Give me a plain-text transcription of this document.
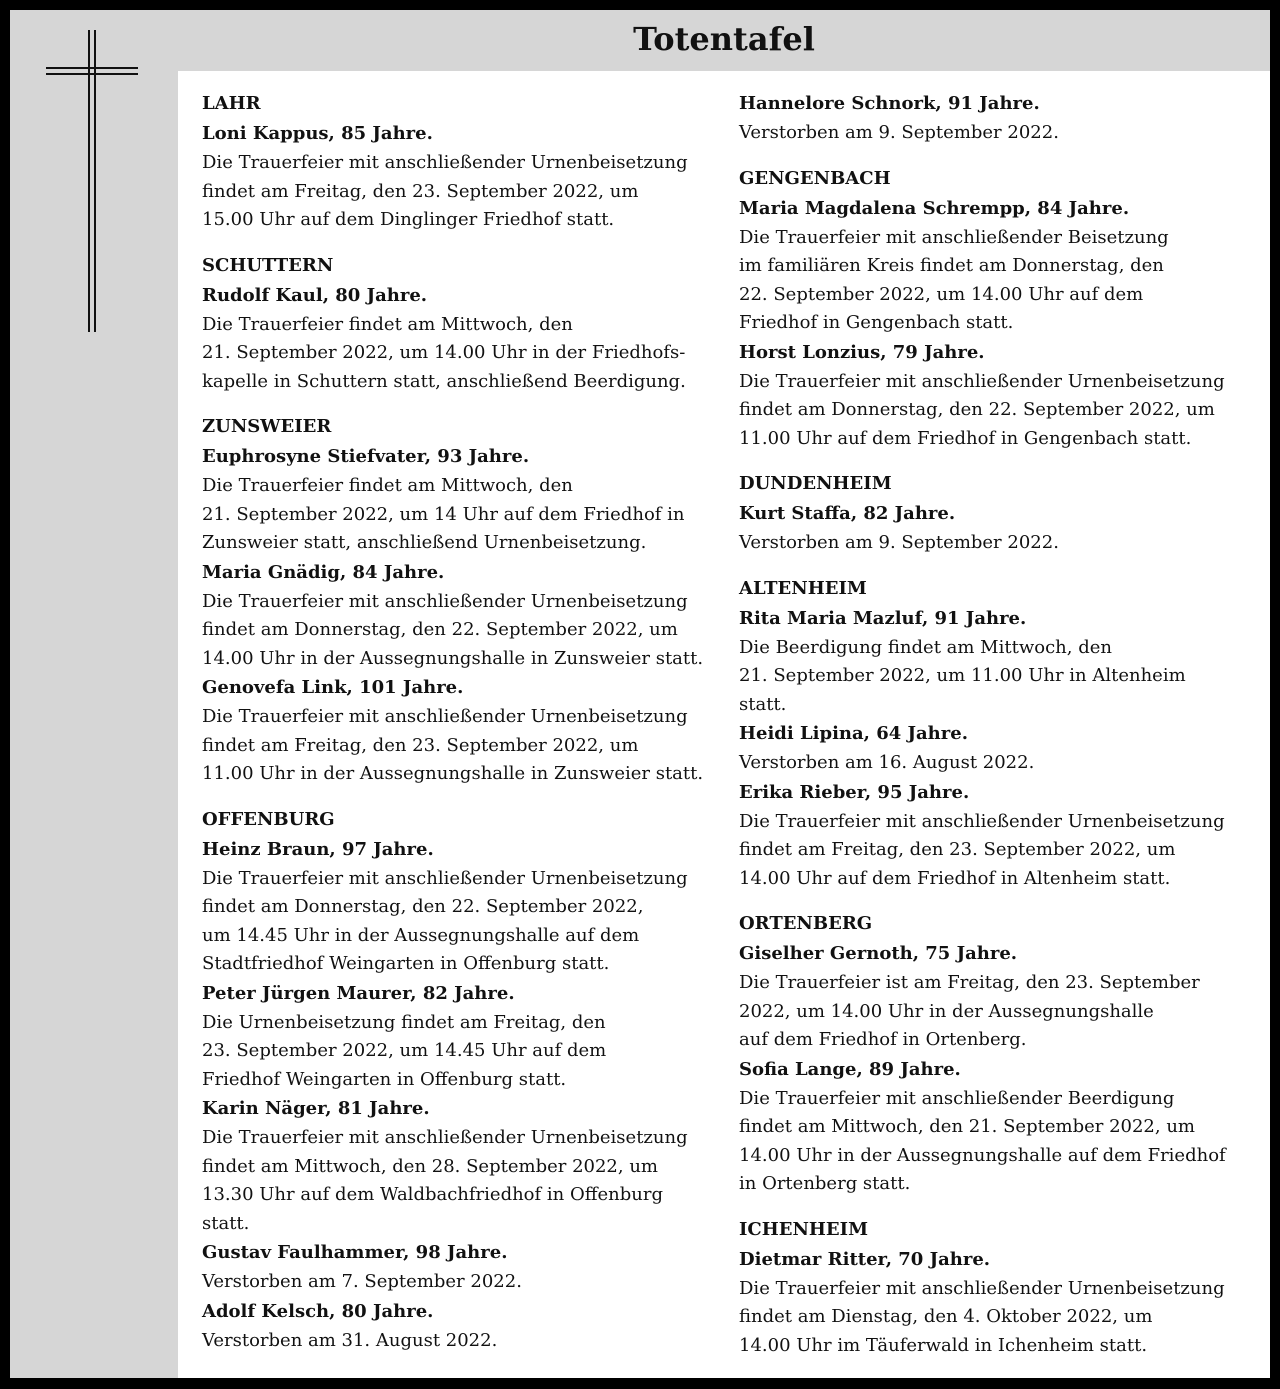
Totentafel
LAHR
Loni Kappus, 85 Jahre.
Die Trauerfeier mit anschließender Urnenbeisetzung
findet am Freitag, den 23. September 2022, um
15.00 Uhr auf dem Dinglinger Friedhof statt.
SCHUTTERN
Rudolf Kaul, 80 Jahre.
Die Trauerfeier findet am Mittwoch, den
21. September 2022, um 14.00 Uhr in der Friedhofs-
kapelle in Schuttern statt, anschließend Beerdigung.
ZUNSWEIER
Euphrosyne Stiefvater, 93 Jahre.
Die Trauerfeier findet am Mittwoch, den
21. September 2022, um 14 Uhr auf dem Friedhof in
Zunsweier statt, anschließend Urnenbeisetzung.
Maria Gnädig, 84 Jahre.
Die Trauerfeier mit anschließender Urnenbeisetzung
findet am Donnerstag, den 22. September 2022, um
14.00 Uhr in der Aussegnungshalle in Zunsweier statt.
Genovefa Link, 101 Jahre.
Die Trauerfeier mit anschließender Urnenbeisetzung
findet am Freitag, den 23. September 2022, um
11.00 Uhr in der Aussegnungshalle in Zunsweier statt.
OFFENBURG
Heinz Braun, 97 Jahre.
Die Trauerfeier mit anschließender Urnenbeisetzung
findet am Donnerstag, den 22. September 2022,
um 14.45 Uhr in der Aussegnungshalle auf dem
Stadtfriedhof Weingarten in Offenburg statt.
Peter Jürgen Maurer, 82 Jahre.
Die Urnenbeisetzung findet am Freitag, den
23. September 2022, um 14.45 Uhr auf dem
Friedhof Weingarten in Offenburg statt.
Karin Näger, 81 Jahre.
Die Trauerfeier mit anschließender Urnenbeisetzung
findet am Mittwoch, den 28. September 2022, um
13.30 Uhr auf dem Waldbachfriedhof in Offenburg
statt.
Gustav Faulhammer, 98 Jahre.
Verstorben am 7. September 2022.
Adolf Kelsch, 80 Jahre.
Verstorben am 31. August 2022.
Hannelore Schnork, 91 Jahre.
Verstorben am 9. September 2022.
GENGENBACH
Maria Magdalena Schrempp, 84 Jahre.
Die Trauerfeier mit anschließender Beisetzung
im familiären Kreis findet am Donnerstag, den
22. September 2022, um 14.00 Uhr auf dem
Friedhof in Gengenbach statt.
Horst Lonzius, 79 Jahre.
Die Trauerfeier mit anschließender Urnenbeisetzung
findet am Donnerstag, den 22. September 2022, um
11.00 Uhr auf dem Friedhof in Gengenbach statt.
DUNDENHEIM
Kurt Staffa, 82 Jahre.
Verstorben am 9. September 2022.
ALTENHEIM
Rita Maria Mazluf, 91 Jahre.
Die Beerdigung findet am Mittwoch, den
21. September 2022, um 11.00 Uhr in Altenheim
statt.
Heidi Lipina, 64 Jahre.
Verstorben am 16. August 2022.
Erika Rieber, 95 Jahre.
Die Trauerfeier mit anschließender Urnenbeisetzung
findet am Freitag, den 23. September 2022, um
14.00 Uhr auf dem Friedhof in Altenheim statt.
ORTENBERG
Giselher Gernoth, 75 Jahre.
Die Trauerfeier ist am Freitag, den 23. September
2022, um 14.00 Uhr in der Aussegnungshalle
auf dem Friedhof in Ortenberg.
Sofia Lange, 89 Jahre.
Die Trauerfeier mit anschließender Beerdigung
findet am Mittwoch, den 21. September 2022, um
14.00 Uhr in der Aussegnungshalle auf dem Friedhof
in Ortenberg statt.
ICHENHEIM
Dietmar Ritter, 70 Jahre.
Die Trauerfeier mit anschließender Urnenbeisetzung
findet am Dienstag, den 4. Oktober 2022, um
14.00 Uhr im Täuferwald in Ichenheim statt.
